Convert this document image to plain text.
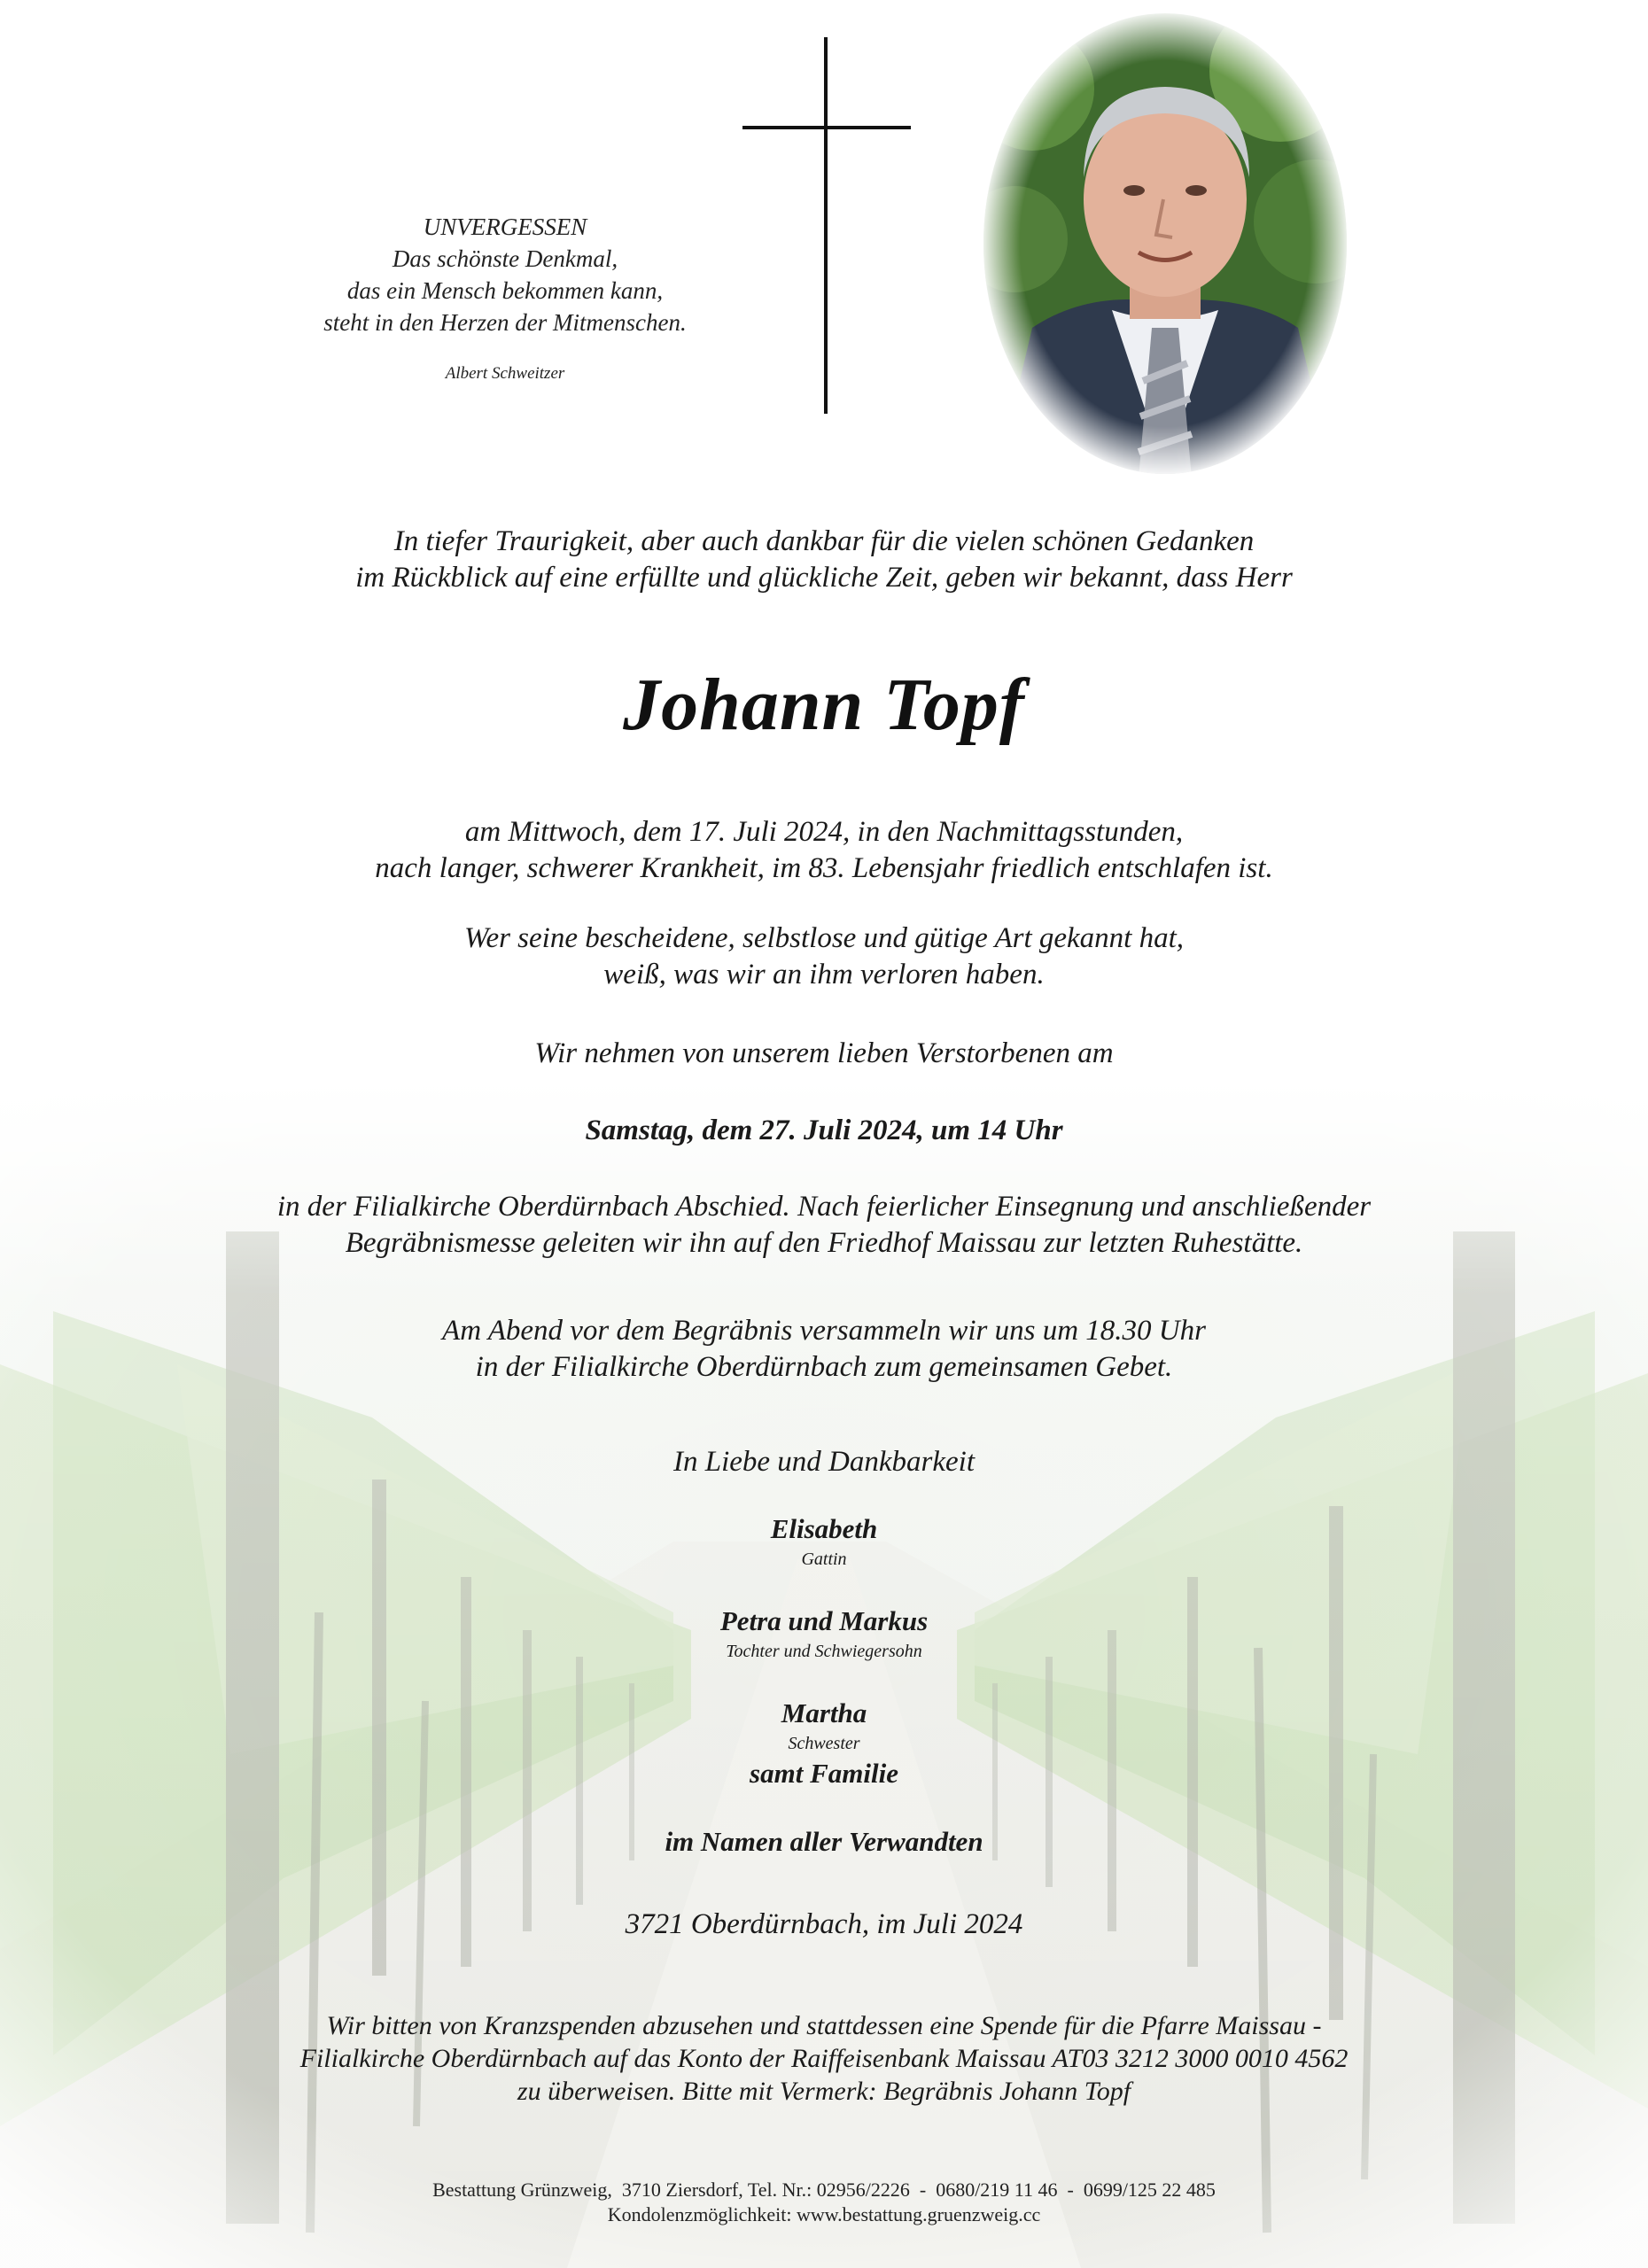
UNVERGESSEN
Das schönste Denkmal,
das ein Mensch bekommen kann,
steht in den Herzen der Mitmenschen.
Albert Schweitzer
In tiefer Traurigkeit, aber auch dankbar für die vielen schönen Gedanken
im Rückblick auf eine erfüllte und glückliche Zeit, geben wir bekannt, dass Herr
Johann Topf
am Mittwoch, dem 17. Juli 2024, in den Nachmittagsstunden,
nach langer, schwerer Krankheit, im 83. Lebensjahr friedlich entschlafen ist.
Wer seine bescheidene, selbstlose und gütige Art gekannt hat,
weiß, was wir an ihm verloren haben.
Wir nehmen von unserem lieben Verstorbenen am
Samstag, dem 27. Juli 2024, um 14 Uhr
in der Filialkirche Oberdürnbach Abschied. Nach feierlicher Einsegnung und anschließender
Begräbnismesse geleiten wir ihn auf den Friedhof Maissau zur letzten Ruhestätte.
Am Abend vor dem Begräbnis versammeln wir uns um 18.30 Uhr
in der Filialkirche Oberdürnbach zum gemeinsamen Gebet.
In Liebe und Dankbarkeit
Elisabeth
Gattin
Petra und Markus
Tochter und Schwiegersohn
Martha
Schwester
samt Familie
im Namen aller Verwandten
3721 Oberdürnbach, im Juli 2024
Wir bitten von Kranzspenden abzusehen und stattdessen eine Spende für die Pfarre Maissau -
Filialkirche Oberdürnbach auf das Konto der Raiffeisenbank Maissau AT03 3212 3000 0010 4562
zu überweisen. Bitte mit Vermerk: Begräbnis Johann Topf
Bestattung Grünzweig,  3710 Ziersdorf, Tel. Nr.: 02956/2226  -  0680/219 11 46  -  0699/125 22 485
Kondolenzmöglichkeit: www.bestattung.gruenzweig.cc
